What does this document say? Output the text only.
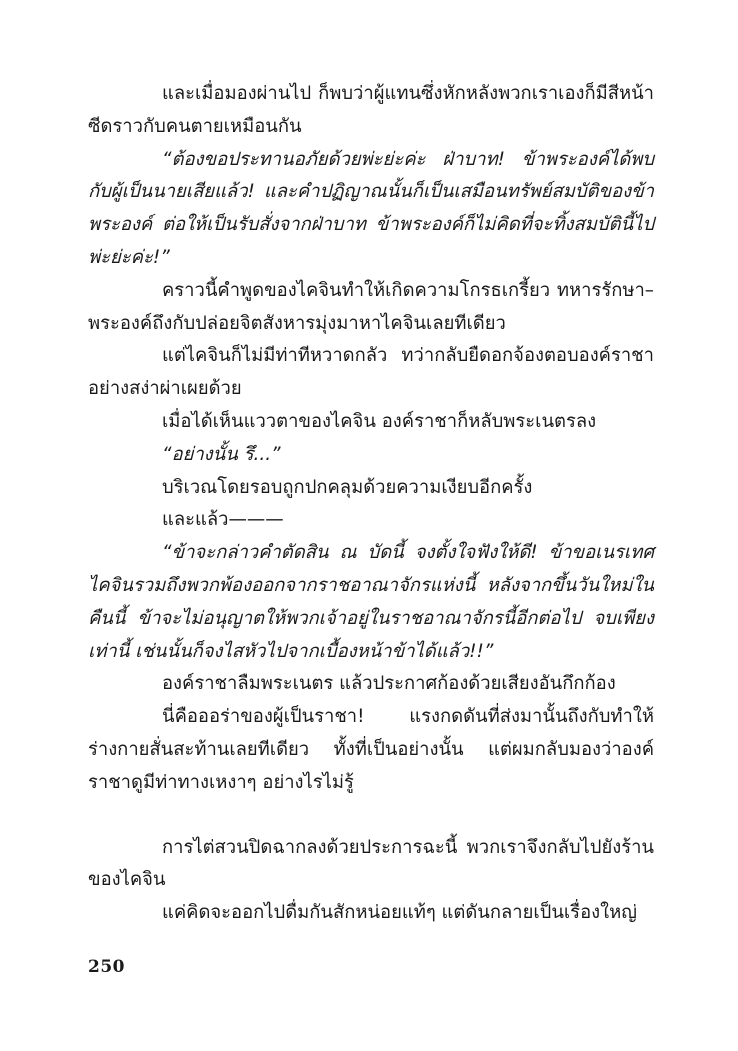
และเมื่อมองผ่านไป ก็พบว่าผู้แทนซึ่งหักหลังพวกเราเองก็มีสีหน้าซีดราวกับคนตายเหมือนกัน

“ต้องขอประทานอภัยด้วยพ่ะย่ะค่ะ ฝ่าบาท! ข้าพระองค์ได้พบกับผู้เป็นนายเสียแล้ว! และคำปฏิญาณนั้นก็เป็นเสมือนทรัพย์สมบัติของข้าพระองค์ ต่อให้เป็นรับสั่งจากฝ่าบาท ข้าพระองค์ก็ไม่คิดที่จะทิ้งสมบัตินี้ไปพ่ะย่ะค่ะ!”

คราวนี้คำพูดของไคจินทำให้เกิดความโกรธเกรี้ยว ทหารรักษา–พระองค์ถึงกับปล่อยจิตสังหารมุ่งมาหาไคจินเลยทีเดียว

แต่ไคจินก็ไม่มีท่าทีหวาดกลัว ทว่ากลับยืดอกจ้องตอบองค์ราชาอย่างสง่าผ่าเผยด้วย

เมื่อได้เห็นแววตาของไคจิน องค์ราชาก็หลับพระเนตรลง

“อย่างนั้น รึ...”

บริเวณโดยรอบถูกปกคลุมด้วยความเงียบอีกครั้ง

และแล้ว———

“ข้าจะกล่าวคำตัดสิน ณ บัดนี้ จงตั้งใจฟังให้ดี! ข้าขอเนรเทศไคจินรวมถึงพวกพ้องออกจากราชอาณาจักรแห่งนี้ หลังจากขึ้นวันใหม่ในคืนนี้ ข้าจะไม่อนุญาตให้พวกเจ้าอยู่ในราชอาณาจักรนี้อีกต่อไป จบเพียงเท่านี้ เช่นนั้นก็จงไสหัวไปจากเบื้องหน้าข้าได้แล้ว!!”

องค์ราชาลืมพระเนตร แล้วประกาศก้องด้วยเสียงอันกึกก้อง

นี่คือออร่าของผู้เป็นราชา! แรงกดดันที่ส่งมานั้นถึงกับทำให้ร่างกายสั่นสะท้านเลยทีเดียว ทั้งที่เป็นอย่างนั้น แต่ผมกลับมองว่าองค์ราชาดูมีท่าทางเหงาๆ อย่างไรไม่รู้

การไต่สวนปิดฉากลงด้วยประการฉะนี้ พวกเราจึงกลับไปยังร้านของไคจิน

แค่คิดจะออกไปดื่มกันสักหน่อยแท้ๆ แต่ดันกลายเป็นเรื่องใหญ่

250
